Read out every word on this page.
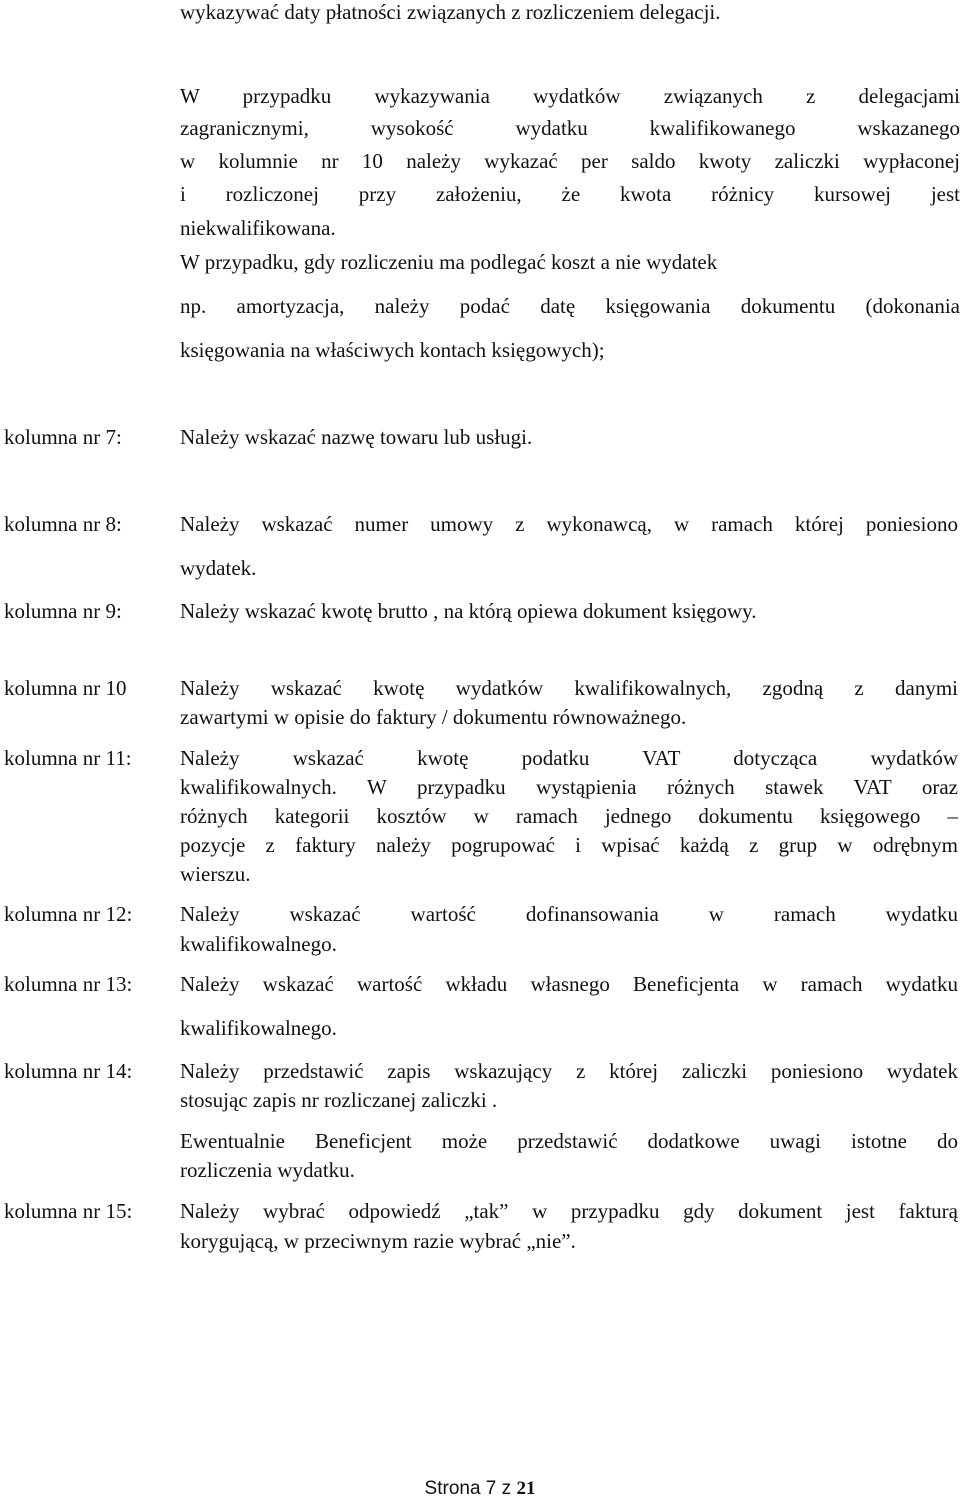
wykazywać daty płatności związanych z rozliczeniem delegacji.
W przypadku wykazywania wydatków związanych z delegacjami
zagranicznymi, wysokość wydatku kwalifikowanego wskazanego
w kolumnie nr 10 należy wykazać per saldo kwoty zaliczki wypłaconej
i rozliczonej przy założeniu, że kwota różnicy kursowej jest
niekwalifikowana.
W przypadku, gdy rozliczeniu ma podlegać koszt a nie wydatek
np. amortyzacja, należy podać datę księgowania dokumentu (dokonania
księgowania na właściwych kontach księgowych);
kolumna nr 7:	Należy wskazać nazwę towaru lub usługi.
kolumna nr 8:	Należy wskazać numer umowy z wykonawcą, w ramach której poniesiono
wydatek.
kolumna nr 9:	Należy wskazać kwotę brutto , na którą opiewa dokument księgowy.
kolumna nr 10	Należy wskazać kwotę wydatków kwalifikowalnych, zgodną z danymi
zawartymi w opisie do faktury / dokumentu równoważnego.
kolumna nr 11: Należy wskazać kwotę podatku VAT dotycząca wydatków
kwalifikowalnych. W przypadku wystąpienia różnych stawek VAT oraz
różnych kategorii kosztów w ramach jednego dokumentu księgowego –
pozycje z faktury należy pogrupować i wpisać każdą z grup w odrębnym
wierszu.
kolumna nr 12: Należy wskazać wartość dofinansowania w ramach wydatku
kwalifikowalnego.
kolumna nr 13: Należy wskazać wartość wkładu własnego Beneficjenta w ramach wydatku
kwalifikowalnego.
kolumna nr 14: Należy przedstawić zapis wskazujący z której zaliczki poniesiono wydatek
stosując zapis nr rozliczanej zaliczki .
Ewentualnie Beneficjent może przedstawić dodatkowe uwagi istotne do
rozliczenia wydatku.
kolumna nr 15: Należy wybrać odpowiedź „tak” w przypadku gdy dokument jest fakturą
korygującą, w przeciwnym razie wybrać „nie”.
Strona 7 z 21
